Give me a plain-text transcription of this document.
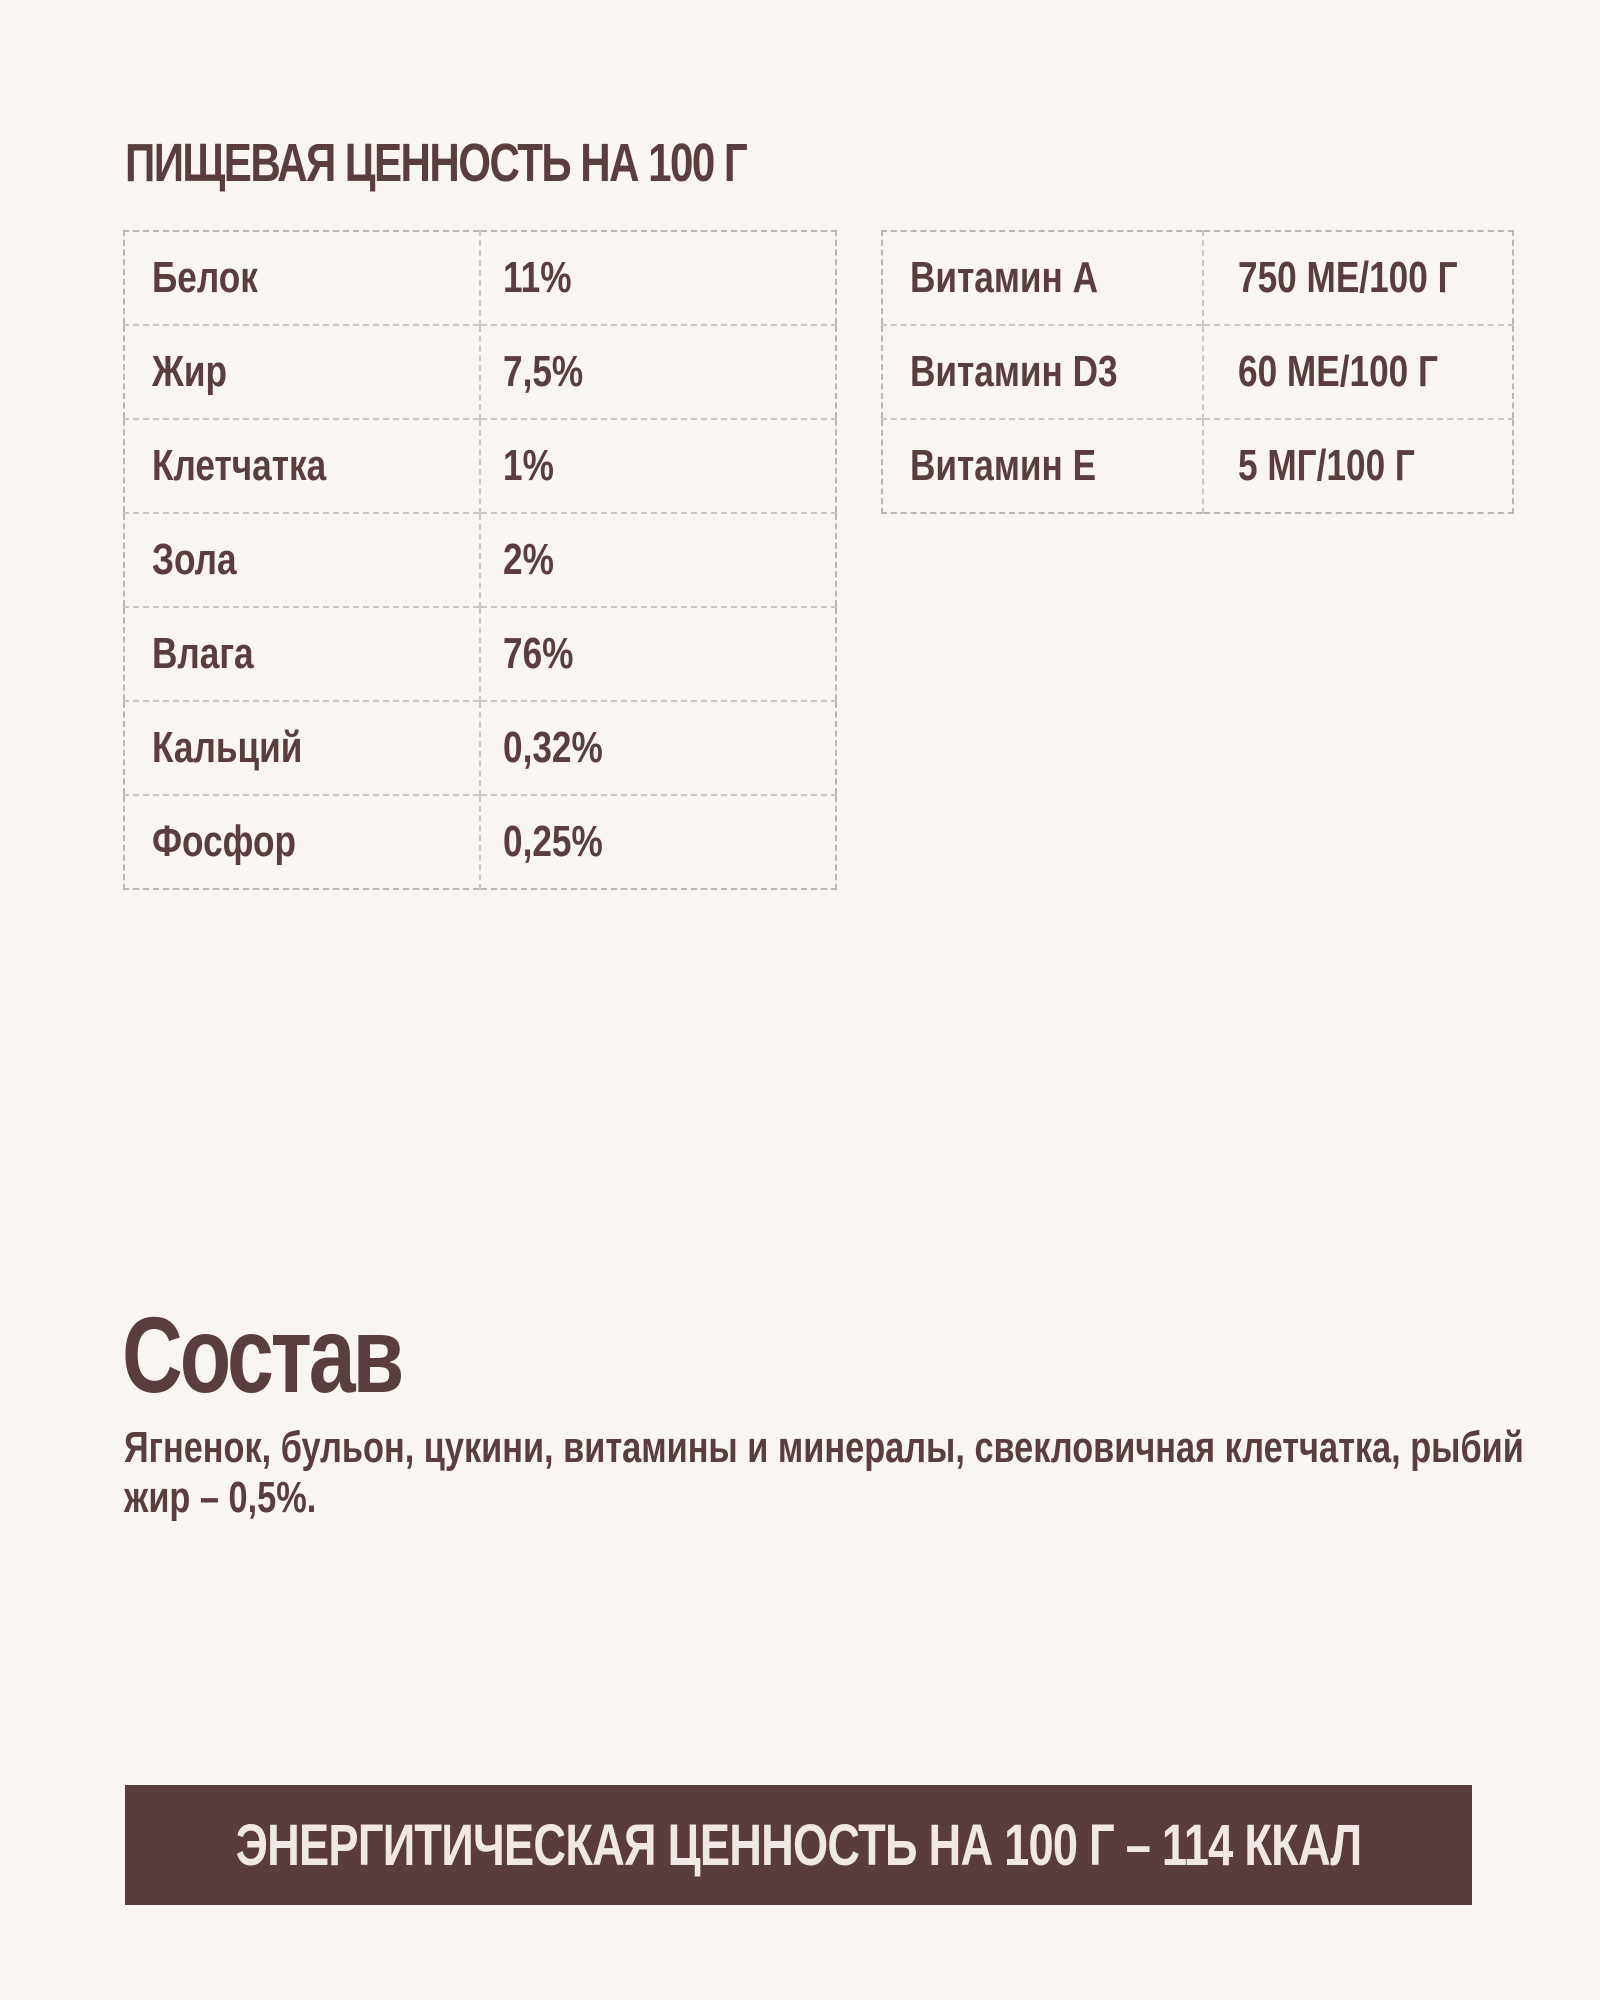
ПИЩЕВАЯ ЦЕННОСТЬ НА 100 Г
Белок	11%
Жир	7,5%
Клетчатка	1%
Зола	2%
Влага	76%
Кальций	0,32%
Фосфор	0,25%
Витамин А	750 МЕ/100 Г
Витамин D3	60 МЕ/100 Г
Витамин Е	5 МГ/100 Г
Состав
Ягненок, бульон, цукини, витамины и минералы, свекловичная клетчатка, рыбий жир – 0,5%.
ЭНЕРГИТИЧЕСКАЯ ЦЕННОСТЬ НА 100 Г – 114 ККАЛ
